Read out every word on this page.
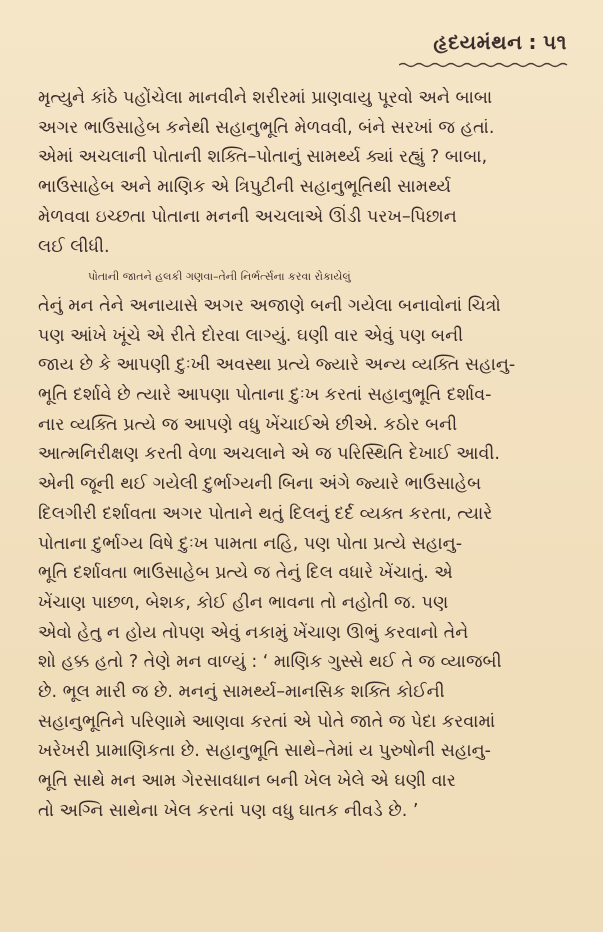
હૃદયમંથન : ૫૧

મૃત્યુને કાંઠે પહોંચેલા માનવીને શરીરમાં પ્રાણવાયુ પૂરવો અને બાબા
અગર ભાઉસાહેબ કનેથી સહાનુભૂતિ મેળવવી, બંને સરખાં જ હતાં.
એમાં અચલાની પોતાની શક્તિ–પોતાનું સામર્થ્ય ક્યાં રહ્યું ? બાબા,
ભાઉસાહેબ અને માણિક એ ત્રિપુટીની સહાનુભૂતિથી સામર્થ્ય
મેળવવા ઇચ્છતા પોતાના મનની અચલાએ ઊંડી પરખ–પિછાન
લઈ લીધી.

પોતાની જાતને હલકી ગણવા–તેની નિર્ભર્ત્સના કરવા રોકાયેલું
તેનું મન તેને અનાયાસે અગર અજાણે બની ગયેલા બનાવોનાં ચિત્રો
પણ આંખે ખૂંચે એ રીતે દોરવા લાગ્યું. ઘણી વાર એવું પણ બની
જાય છે કે આપણી દુઃખી અવસ્થા પ્રત્યે જ્યારે અન્ય વ્યક્તિ સહાનુ-
ભૂતિ દર્શાવે છે ત્યારે આપણા પોતાના દુઃખ કરતાં સહાનુભૂતિ દર્શાવ-
નાર વ્યક્તિ પ્રત્યે જ આપણે વધુ ખેંચાઈએ છીએ. કઠોર બની
આત્મનિરીક્ષણ કરતી વેળા અચલાને એ જ પરિસ્થિતિ દેખાઈ આવી.
એની જૂની થઈ ગયેલી દુર્ભાગ્યની બિના અંગે જ્યારે ભાઉસાહેબ
દિલગીરી દર્શાવતા અગર પોતાને થતું દિલનું દર્દ વ્યક્ત કરતા, ત્યારે
પોતાના દુર્ભાગ્ય વિષે દુઃખ પામતા નહિ, પણ પોતા પ્રત્યે સહાનુ-
ભૂતિ દર્શાવતા ભાઉસાહેબ પ્રત્યે જ તેનું દિલ વધારે ખેંચાતું. એ
ખેંચાણ પાછળ, બેશક, કોઈ હીન ભાવના તો નહોતી જ. પણ
એવો હેતુ ન હોય તોપણ એવું નકામું ખેંચાણ ઊભું કરવાનો તેને
શો હક્ક હતો ? તેણે મન વાળ્યું : ‘ માણિક ગુસ્સે થઈ તે જ વ્યાજબી
છે. ભૂલ મારી જ છે. મનનું સામર્થ્ય–માનસિક શક્તિ કોઈની
સહાનુભૂતિને પરિણામે આણવા કરતાં એ પોતે જાતે જ પેદા કરવામાં
ખરેખરી પ્રામાણિકતા છે. સહાનુભૂતિ સાથે–તેમાં ય પુરુષોની સહાનુ-
ભૂતિ સાથે મન આમ ગેરસાવધાન બની ખેલ ખેલે એ ઘણી વાર
તો અગ્નિ સાથેના ખેલ કરતાં પણ વધુ ઘાતક નીવડે છે. ’
